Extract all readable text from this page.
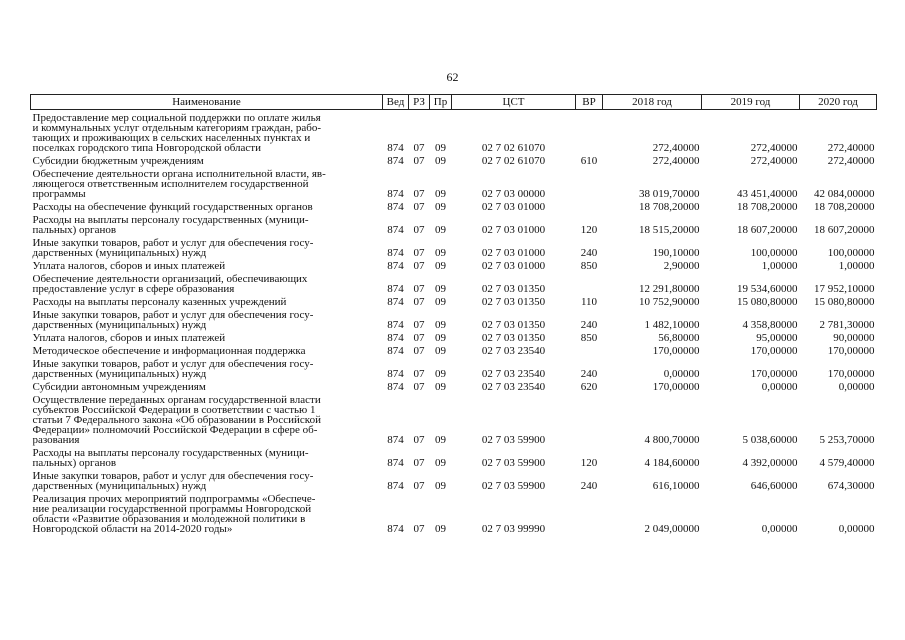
62
Наименование	Вед	РЗ	Пр	ЦСТ	ВР	2018 год	2019 год	2020 год

Предоставление мер социальной поддержки по оплате жилья
и коммунальных услуг отдельным категориям граждан, рабо-
тающих и проживающих в сельских населенных пунктах и
поселках городского типа Новгородской области	874	07	09	02 7 02 61070		272,40000	272,40000	272,40000

Субсидии бюджетным учреждениям	874	07	09	02 7 02 61070	610	272,40000	272,40000	272,40000

Обеспечение деятельности органа исполнительной власти, яв-
ляющегося ответственным исполнителем государственной
программы	874	07	09	02 7 03 00000		38 019,70000	43 451,40000	42 084,00000

Расходы на обеспечение функций государственных органов	874	07	09	02 7 03 01000		18 708,20000	18 708,20000	18 708,20000

Расходы на выплаты персоналу государственных (муници-
пальных) органов	874	07	09	02 7 03 01000	120	18 515,20000	18 607,20000	18 607,20000

Иные закупки товаров, работ и услуг для обеспечения госу-
дарственных (муниципальных) нужд	874	07	09	02 7 03 01000	240	190,10000	100,00000	100,00000

Уплата налогов, сборов и иных платежей	874	07	09	02 7 03 01000	850	2,90000	1,00000	1,00000

Обеспечение деятельности организаций, обеспечивающих
предоставление услуг в сфере образования	874	07	09	02 7 03 01350		12 291,80000	19 534,60000	17 952,10000

Расходы на выплаты персоналу казенных учреждений	874	07	09	02 7 03 01350	110	10 752,90000	15 080,80000	15 080,80000

Иные закупки товаров, работ и услуг для обеспечения госу-
дарственных (муниципальных) нужд	874	07	09	02 7 03 01350	240	1 482,10000	4 358,80000	2 781,30000

Уплата налогов, сборов и иных платежей	874	07	09	02 7 03 01350	850	56,80000	95,00000	90,00000

Методическое обеспечение и информационная поддержка	874	07	09	02 7 03 23540		170,00000	170,00000	170,00000

Иные закупки товаров, работ и услуг для обеспечения госу-
дарственных (муниципальных) нужд	874	07	09	02 7 03 23540	240	0,00000	170,00000	170,00000

Субсидии автономным учреждениям	874	07	09	02 7 03 23540	620	170,00000	0,00000	0,00000

Осуществление переданных органам государственной власти
субъектов Российской Федерации в соответствии с частью 1
статьи 7 Федерального закона «Об образовании в Российской
Федерации» полномочий Российской Федерации в сфере об-
разования	874	07	09	02 7 03 59900		4 800,70000	5 038,60000	5 253,70000

Расходы на выплаты персоналу государственных (муници-
пальных) органов	874	07	09	02 7 03 59900	120	4 184,60000	4 392,00000	4 579,40000

Иные закупки товаров, работ и услуг для обеспечения госу-
дарственных (муниципальных) нужд	874	07	09	02 7 03 59900	240	616,10000	646,60000	674,30000

Реализация прочих мероприятий подпрограммы «Обеспече-
ние реализации государственной программы Новгородской
области «Развитие образования и молодежной политики в
Новгородской области на 2014-2020 годы»	874	07	09	02 7 03 99990		2 049,00000	0,00000	0,00000
